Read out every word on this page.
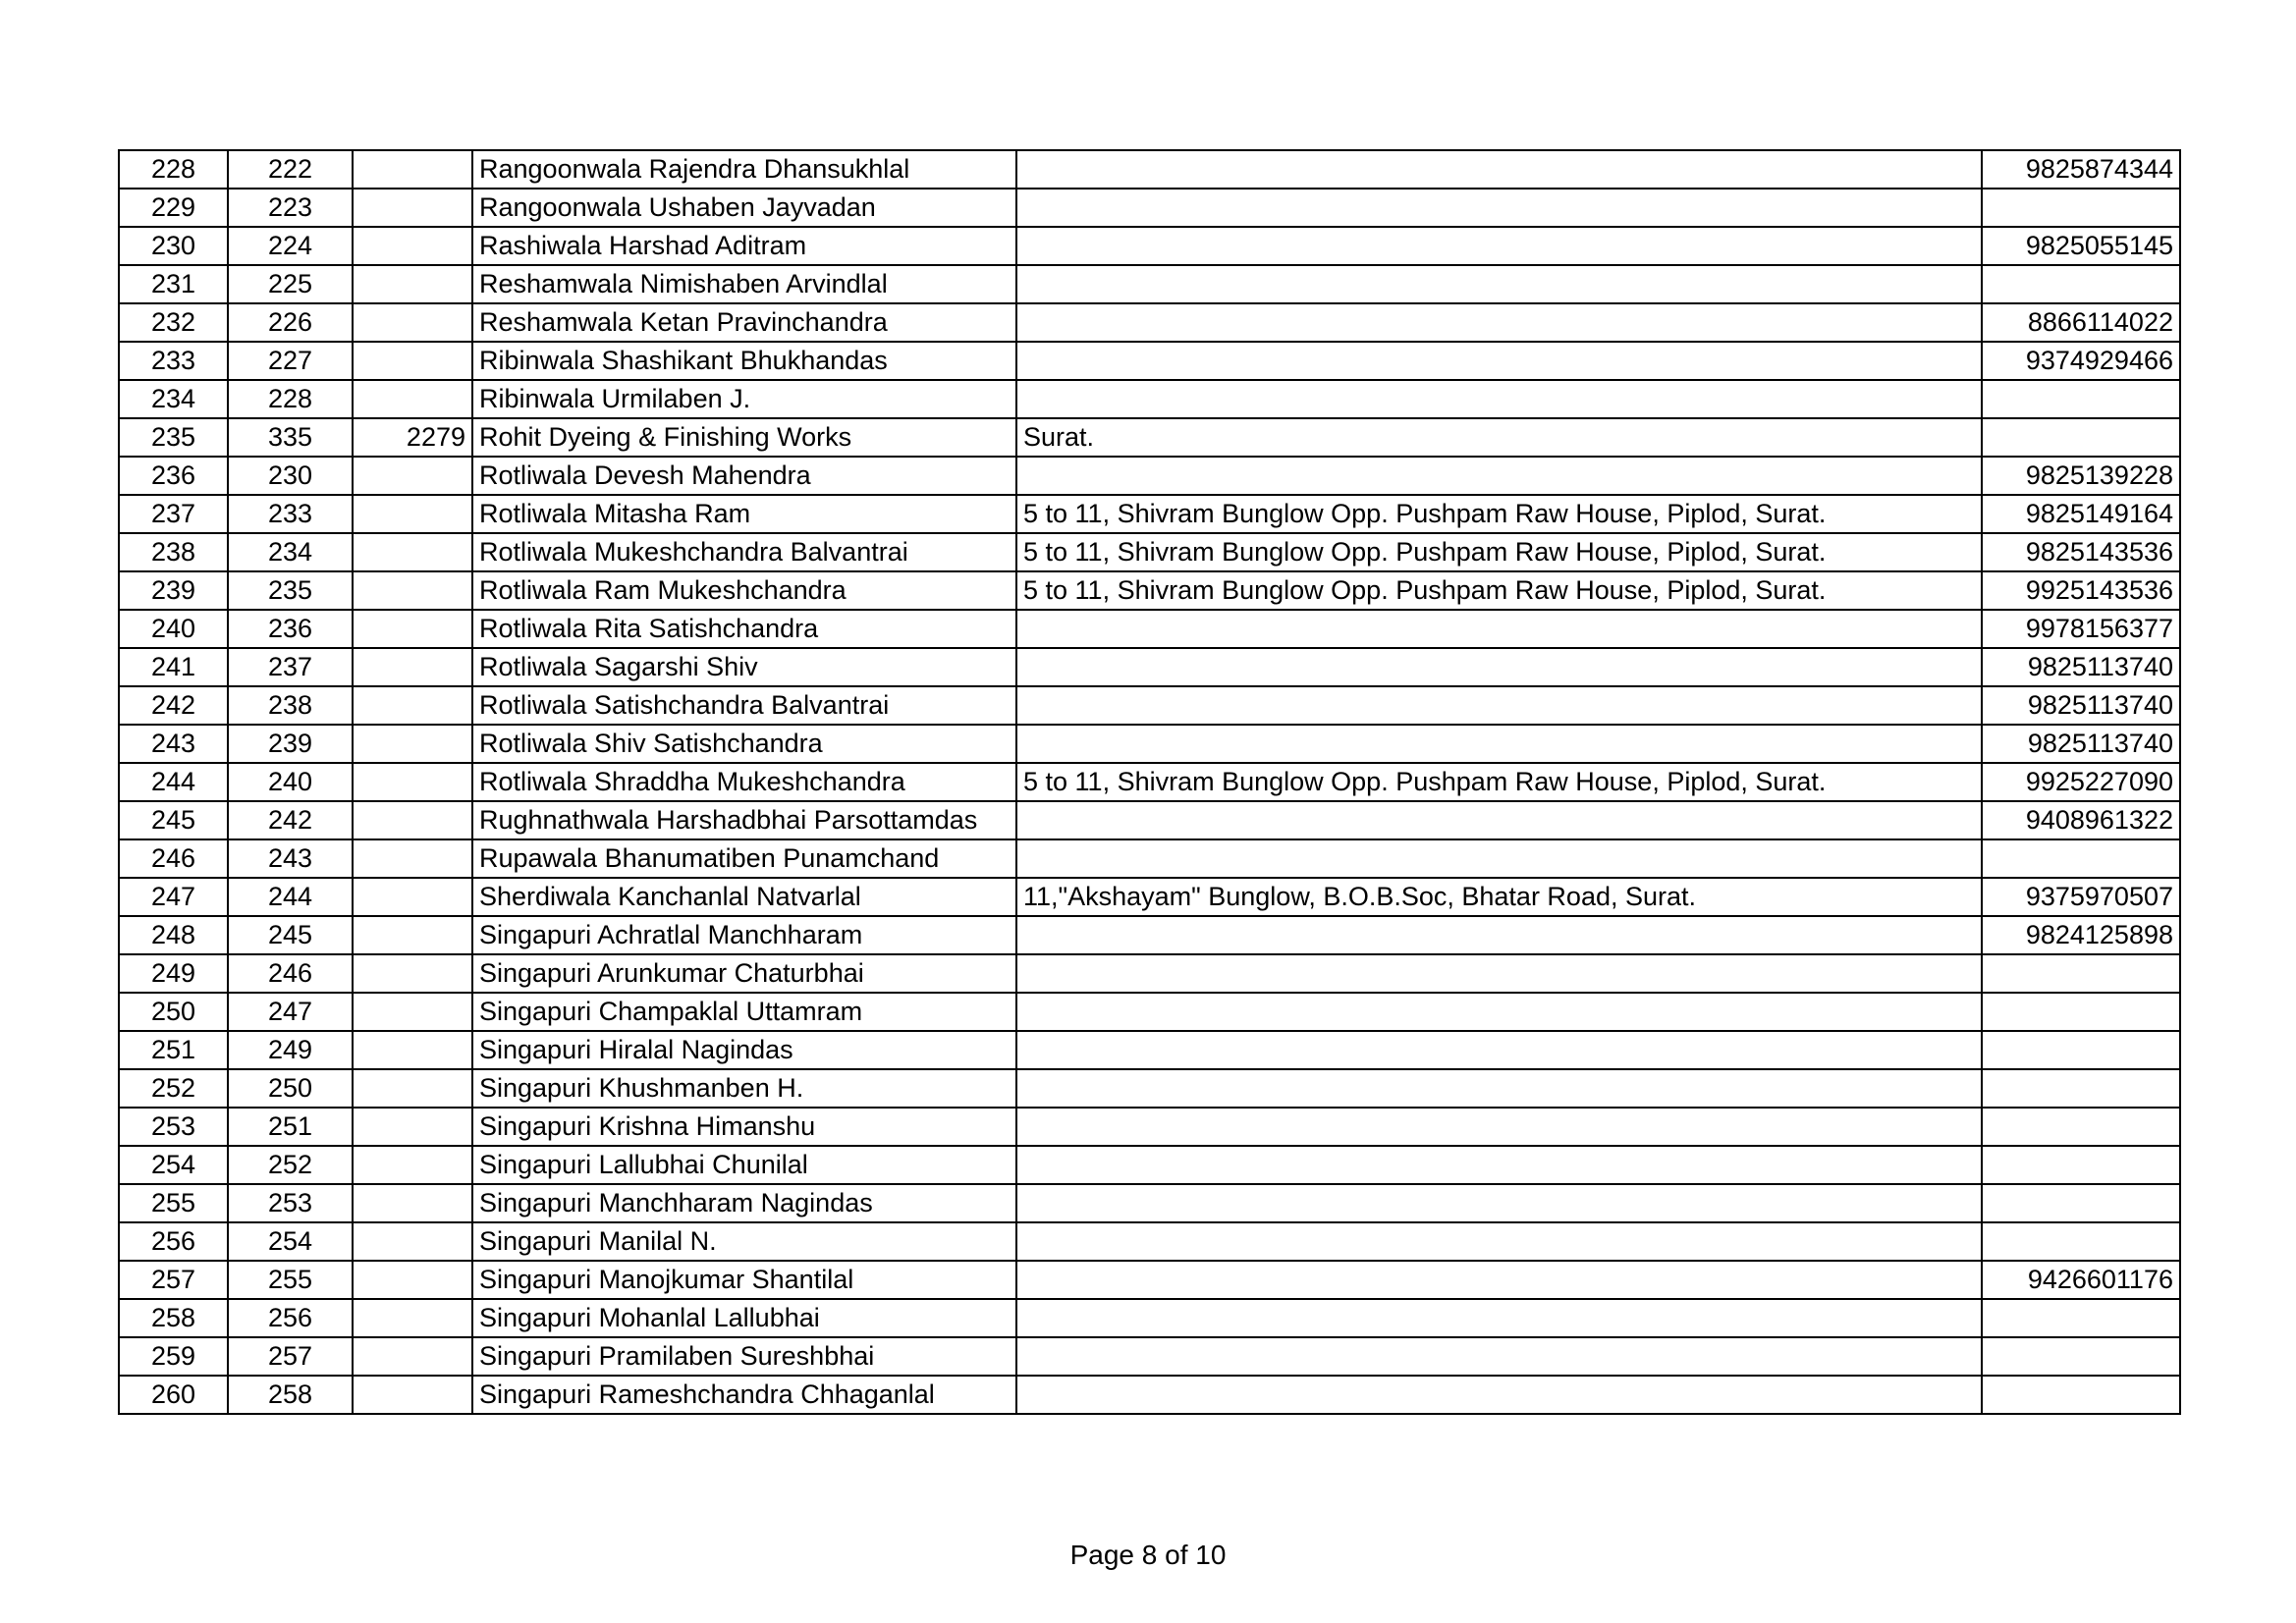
228	222		Rangoonwala Rajendra Dhansukhlal		9825874344
229	223		Rangoonwala Ushaben Jayvadan		
230	224		Rashiwala Harshad Aditram		9825055145
231	225		Reshamwala Nimishaben Arvindlal		
232	226		Reshamwala Ketan Pravinchandra		8866114022
233	227		Ribinwala Shashikant Bhukhandas		9374929466
234	228		Ribinwala Urmilaben J.		
235	335	2279	Rohit Dyeing & Finishing Works	Surat.	
236	230		Rotliwala Devesh Mahendra		9825139228
237	233		Rotliwala Mitasha Ram	5 to 11, Shivram Bunglow Opp. Pushpam Raw House, Piplod, Surat.	9825149164
238	234		Rotliwala Mukeshchandra Balvantrai	5 to 11, Shivram Bunglow Opp. Pushpam Raw House, Piplod, Surat.	9825143536
239	235		Rotliwala Ram Mukeshchandra	5 to 11, Shivram Bunglow Opp. Pushpam Raw House, Piplod, Surat.	9925143536
240	236		Rotliwala Rita Satishchandra		9978156377
241	237		Rotliwala Sagarshi Shiv		9825113740
242	238		Rotliwala Satishchandra Balvantrai		9825113740
243	239		Rotliwala Shiv Satishchandra		9825113740
244	240		Rotliwala Shraddha Mukeshchandra	5 to 11, Shivram Bunglow Opp. Pushpam Raw House, Piplod, Surat.	9925227090
245	242		Rughnathwala Harshadbhai Parsottamdas		9408961322
246	243		Rupawala Bhanumatiben Punamchand		
247	244		Sherdiwala Kanchanlal Natvarlal	11,"Akshayam" Bunglow, B.O.B.Soc, Bhatar Road, Surat.	9375970507
248	245		Singapuri Achratlal Manchharam		9824125898
249	246		Singapuri Arunkumar Chaturbhai		
250	247		Singapuri Champaklal Uttamram		
251	249		Singapuri Hiralal Nagindas		
252	250		Singapuri Khushmanben H.		
253	251		Singapuri Krishna Himanshu		
254	252		Singapuri Lallubhai Chunilal		
255	253		Singapuri Manchharam Nagindas		
256	254		Singapuri Manilal N.		
257	255		Singapuri Manojkumar Shantilal		9426601176
258	256		Singapuri Mohanlal Lallubhai		
259	257		Singapuri Pramilaben Sureshbhai		
260	258		Singapuri Rameshchandra Chhaganlal		
Page 8 of 10
